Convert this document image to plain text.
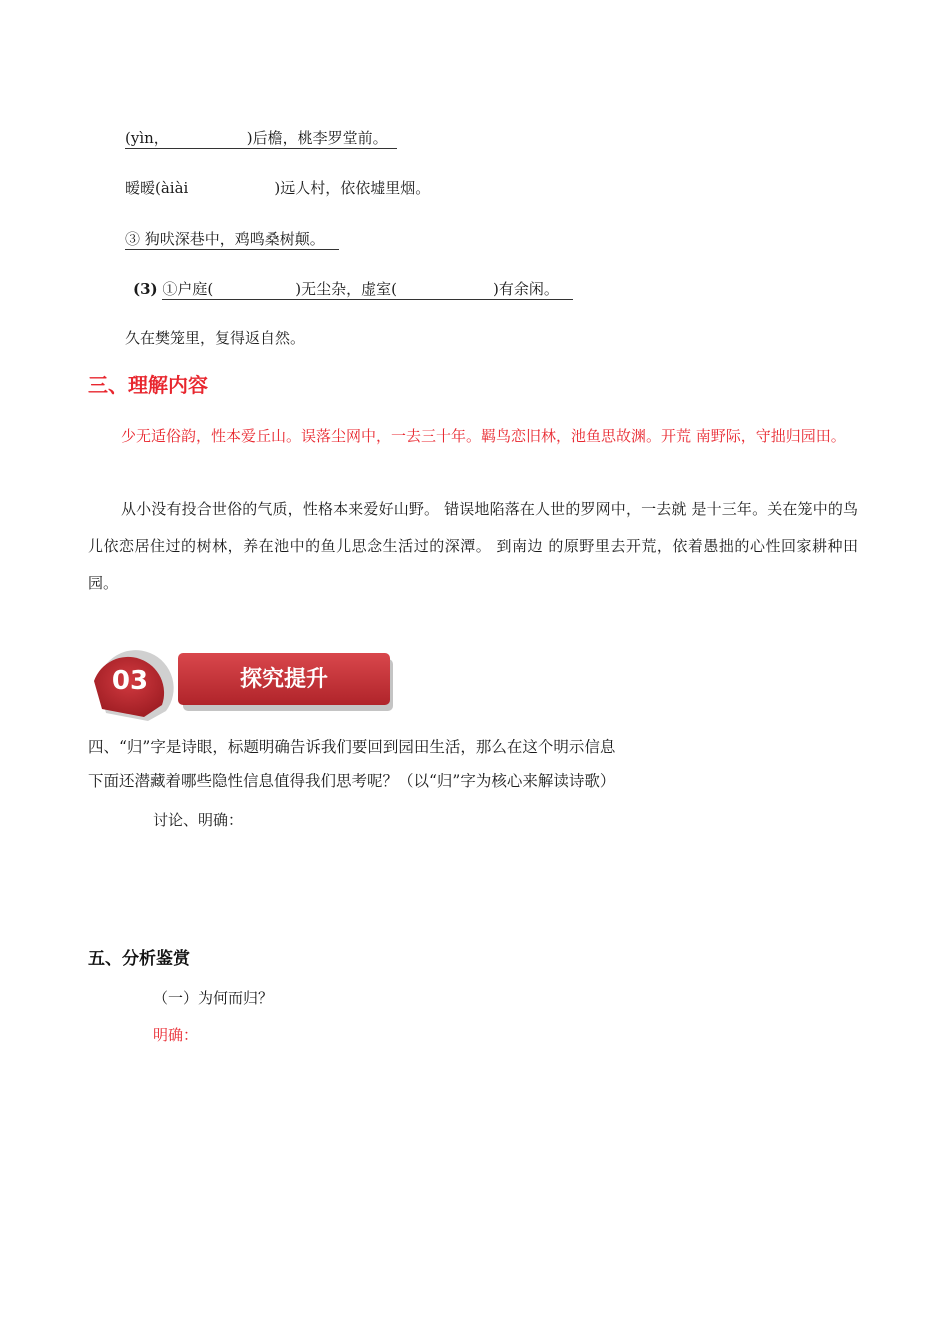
(yìn，	)后檐，桃李罗堂前。
暧暧(àiài	)远人村，依依墟里烟。
③ 狗吠深巷中，鸡鸣桑树颠。
(3) ①户庭(	)无尘杂，虚室(	)有余闲。
久在樊笼里，复得返自然。
三、理解内容
少无适俗韵，性本爱丘山。误落尘网中，一去三十年。羁鸟恋旧林，池鱼思故渊。开荒 南野际，守拙归园田。
从小没有投合世俗的气质，性格本来爱好山野。 错误地陷落在人世的罗网中，一去就 是十三年。关在笼中的鸟儿依恋居住过的树林，养在池中的鱼儿思念生活过的深潭。 到南边 的原野里去开荒，依着愚拙的心性回家耕种田园。
03	探究提升
四、“归”字是诗眼，标题明确告诉我们要回到园田生活，那么在这个明示信息
下面还潜藏着哪些隐性信息值得我们思考呢？（以“归”字为核心来解读诗歌）
讨论、明确：
五、分析鉴赏
（一）为何而归？
明确：
